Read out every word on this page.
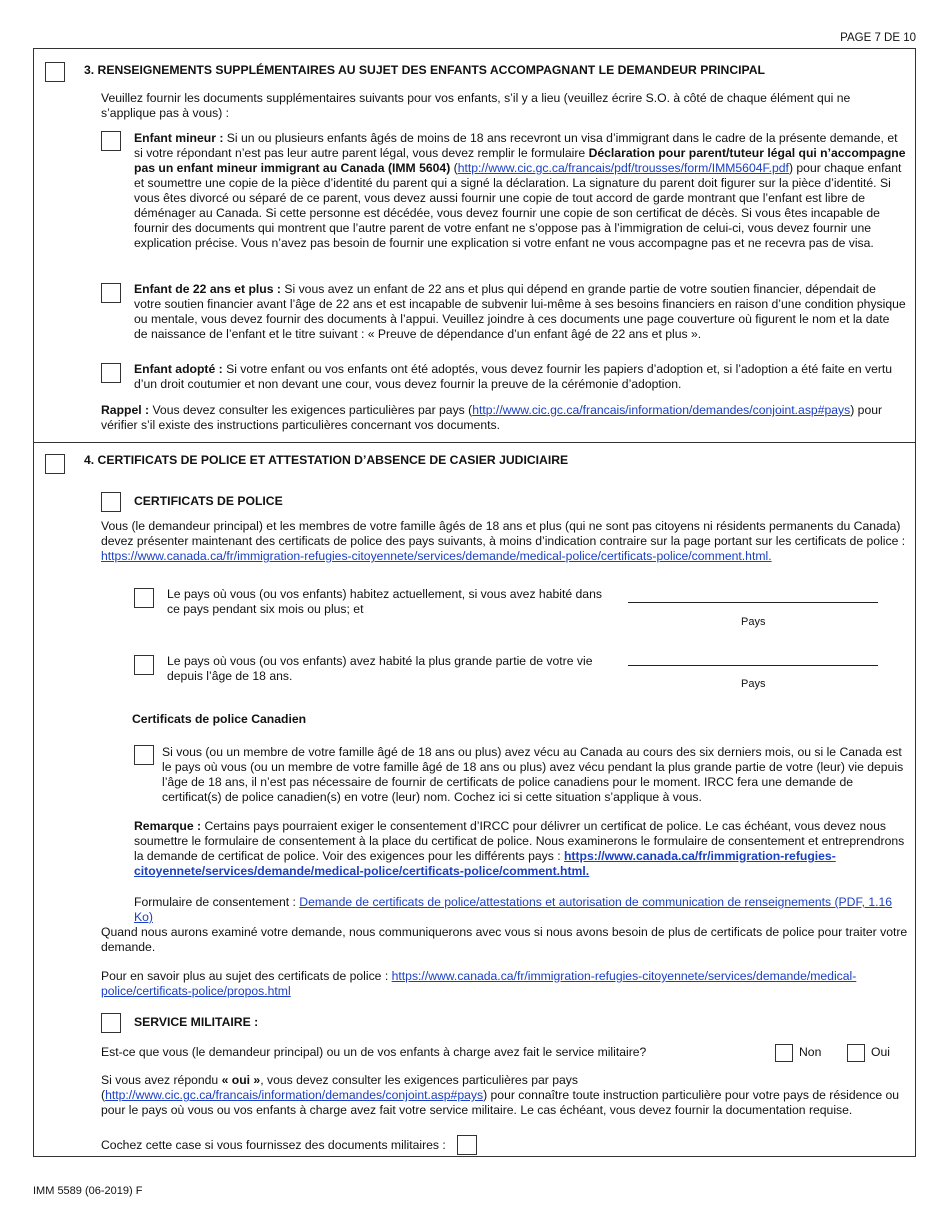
PAGE 7 DE 10
3. RENSEIGNEMENTS SUPPLÉMENTAIRES AU SUJET DES ENFANTS ACCOMPAGNANT LE DEMANDEUR PRINCIPAL
Veuillez fournir les documents supplémentaires suivants pour vos enfants, s’il y a lieu (veuillez écrire S.O. à côté de chaque élément qui ne s’applique pas à vous) :
Enfant mineur : Si un ou plusieurs enfants âgés de moins de 18 ans recevront un visa d’immigrant dans le cadre de la présente demande, et si votre répondant n’est pas leur autre parent légal, vous devez remplir le formulaire Déclaration pour parent/tuteur légal qui n’accompagne pas un enfant mineur immigrant au Canada (IMM 5604) (http://www.cic.gc.ca/francais/pdf/trousses/form/IMM5604F.pdf) pour chaque enfant et soumettre une copie de la pièce d’identité du parent qui a signé la déclaration. La signature du parent doit figurer sur la pièce d’identité. Si vous êtes divorcé ou séparé de ce parent, vous devez aussi fournir une copie de tout accord de garde montrant que l’enfant est libre de déménager au Canada. Si cette personne est décédée, vous devez fournir une copie de son certificat de décès. Si vous êtes incapable de fournir des documents qui montrent que l’autre parent de votre enfant ne s’oppose pas à l’immigration de celui-ci, vous devez fournir une explication précise. Vous n’avez pas besoin de fournir une explication si votre enfant ne vous accompagne pas et ne recevra pas de visa.
Enfant de 22 ans et plus : Si vous avez un enfant de 22 ans et plus qui dépend en grande partie de votre soutien financier, dépendait de votre soutien financier avant l’âge de 22 ans et est incapable de subvenir lui-même à ses besoins financiers en raison d’une condition physique ou mentale, vous devez fournir des documents à l’appui. Veuillez joindre à ces documents une page couverture où figurent le nom et la date de naissance de l’enfant et le titre suivant : « Preuve de dépendance d’un enfant âgé de 22 ans et plus ».
Enfant adopté : Si votre enfant ou vos enfants ont été adoptés, vous devez fournir les papiers d’adoption et, si l’adoption a été faite en vertu d’un droit coutumier et non devant une cour, vous devez fournir la preuve de la cérémonie d’adoption.
Rappel : Vous devez consulter les exigences particulières par pays (http://www.cic.gc.ca/francais/information/demandes/conjoint.asp#pays) pour vérifier s’il existe des instructions particulières concernant vos documents.
4. CERTIFICATS DE POLICE ET ATTESTATION D’ABSENCE DE CASIER JUDICIAIRE
CERTIFICATS DE POLICE
Vous (le demandeur principal) et les membres de votre famille âgés de 18 ans et plus (qui ne sont pas citoyens ni résidents permanents du Canada) devez présenter maintenant des certificats de police des pays suivants, à moins d’indication contraire sur la page portant sur les certificats de police : https://www.canada.ca/fr/immigration-refugies-citoyennete/services/demande/medical-police/certificats-police/comment.html.
Le pays où vous (ou vos enfants) habitez actuellement, si vous avez habité dans ce pays pendant six mois ou plus; et
Pays
Le pays où vous (ou vos enfants) avez habité la plus grande partie de votre vie depuis l’âge de 18 ans.
Pays
Certificats de police Canadien
Si vous (ou un membre de votre famille âgé de 18 ans ou plus) avez vécu au Canada au cours des six derniers mois, ou si le Canada est le pays où vous (ou un membre de votre famille âgé de 18 ans ou plus) avez vécu pendant la plus grande partie de votre (leur) vie depuis l’âge de 18 ans, il n’est pas nécessaire de fournir de certificats de police canadiens pour le moment. IRCC fera une demande de certificat(s) de police canadien(s) en votre (leur) nom. Cochez ici si cette situation s’applique à vous.
Remarque : Certains pays pourraient exiger le consentement d’IRCC pour délivrer un certificat de police. Le cas échéant, vous devez nous soumettre le formulaire de consentement à la place du certificat de police. Nous examinerons le formulaire de consentement et entreprendrons la demande de certificat de police. Voir des exigences pour les différents pays : https://www.canada.ca/fr/immigration-refugies-citoyennete/services/demande/medical-police/certificats-police/comment.html.
Formulaire de consentement : Demande de certificats de police/attestations et autorisation de communication de renseignements (PDF, 1.16 Ko)
Quand nous aurons examiné votre demande, nous communiquerons avec vous si nous avons besoin de plus de certificats de police pour traiter votre demande.
Pour en savoir plus au sujet des certificats de police : https://www.canada.ca/fr/immigration-refugies-citoyennete/services/demande/medical-police/certificats-police/propos.html
SERVICE MILITAIRE :
Est-ce que vous (le demandeur principal) ou un de vos enfants à charge avez fait le service militaire?	Non	Oui
Si vous avez répondu « oui », vous devez consulter les exigences particulières par pays (http://www.cic.gc.ca/francais/information/demandes/conjoint.asp#pays) pour connaître toute instruction particulière pour votre pays de résidence ou pour le pays où vous ou vos enfants à charge avez fait votre service militaire. Le cas échéant, vous devez fournir la documentation requise.
Cochez cette case si vous fournissez des documents militaires :
IMM 5589 (06-2019) F
